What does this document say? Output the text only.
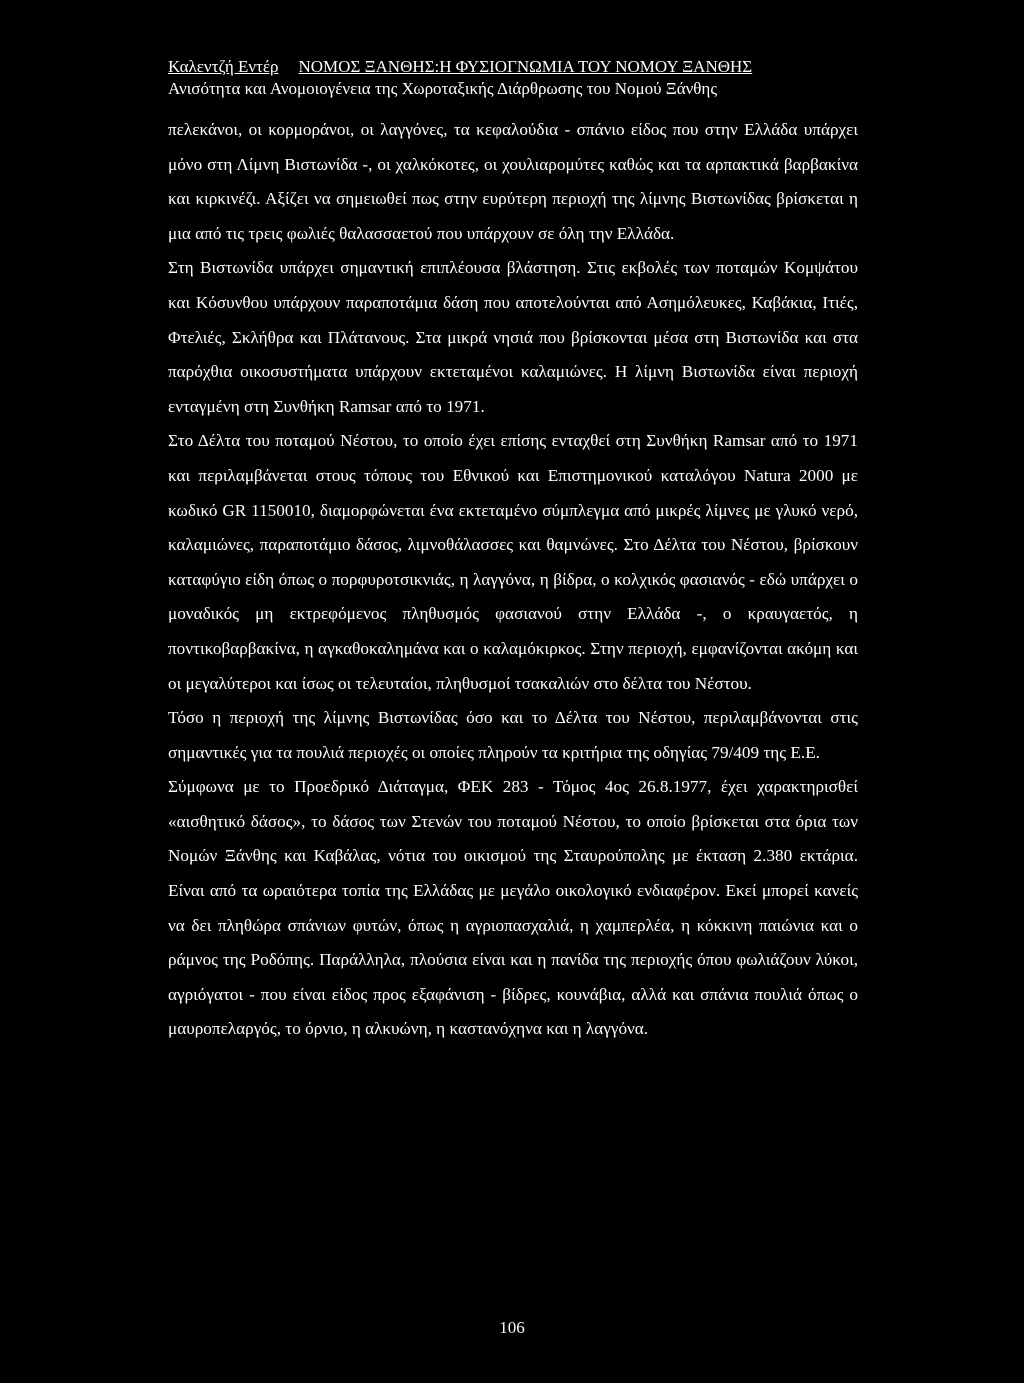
Καλεντζή Εντέρ ΝΟΜΟΣ ΞΑΝΘΗΣ:Η ΦΥΣΙΟΓΝΩΜΙΑ ΤΟΥ ΝΟΜΟΥ ΞΑΝΘΗΣ
Ανισότητα και Ανομοιογένεια της Χωροταξικής Διάρθρωσης του Νομού Ξάνθης

πελεκάνοι, οι κορμοράνοι, οι λαγγόνες, τα κεφαλούδια - σπάνιο είδος που στην Ελλάδα υπάρχει μόνο στη Λίμνη Βιστωνίδα -, οι χαλκόκοτες, οι χουλιαρομύτες καθώς και τα αρπακτικά βαρβακίνα και κιρκινέζι. Αξίζει να σημειωθεί πως στην ευρύτερη περιοχή της λίμνης Βιστωνίδας βρίσκεται η μια από τις τρεις φωλιές θαλασσαετού που υπάρχουν σε όλη την Ελλάδα.

Στη Βιστωνίδα υπάρχει σημαντική επιπλέουσα βλάστηση. Στις εκβολές των ποταμών Κομψάτου και Κόσυνθου υπάρχουν παραποτάμια δάση που αποτελούνται από Ασημόλευκες, Καβάκια, Ιτιές, Φτελιές, Σκλήθρα και Πλάτανους. Στα μικρά νησιά που βρίσκονται μέσα στη Βιστωνίδα και στα παρόχθια οικοσυστήματα υπάρχουν εκτεταμένοι καλαμιώνες. Η λίμνη Βιστωνίδα είναι περιοχή ενταγμένη στη Συνθήκη Ramsar από το 1971.

Στο Δέλτα του ποταμού Νέστου, το οποίο έχει επίσης ενταχθεί στη Συνθήκη Ramsar από το 1971 και περιλαμβάνεται στους τόπους του Εθνικού και Επιστημονικού καταλόγου Natura 2000 με κωδικό GR 1150010, διαμορφώνεται ένα εκτεταμένο σύμπλεγμα από μικρές λίμνες με γλυκό νερό, καλαμιώνες, παραποτάμιο δάσος, λιμνοθάλασσες και θαμνώνες. Στο Δέλτα του Νέστου, βρίσκουν καταφύγιο είδη όπως ο πορφυροτσικνιάς, η λαγγόνα, η βίδρα, ο κολχικός φασιανός - εδώ υπάρχει ο μοναδικός μη εκτρεφόμενος πληθυσμός φασιανού στην Ελλάδα -, ο κραυγαετός, η ποντικοβαρβακίνα, η αγκαθοκαλημάνα και ο καλαμόκιρκος. Στην περιοχή, εμφανίζονται ακόμη και οι μεγαλύτεροι και ίσως οι τελευταίοι, πληθυσμοί τσακαλιών στο δέλτα του Νέστου.

Τόσο η περιοχή της λίμνης Βιστωνίδας όσο και το Δέλτα του Νέστου, περιλαμβάνονται στις σημαντικές για τα πουλιά περιοχές οι οποίες πληρούν τα κριτήρια της οδηγίας 79/409 της Ε.Ε.

Σύμφωνα με το Προεδρικό Διάταγμα, ΦΕΚ 283 - Τόμος 4ος 26.8.1977, έχει χαρακτηρισθεί «αισθητικό δάσος», το δάσος των Στενών του ποταμού Νέστου, το οποίο βρίσκεται στα όρια των Νομών Ξάνθης και Καβάλας, νότια του οικισμού της Σταυρούπολης με έκταση 2.380 εκτάρια. Είναι από τα ωραιότερα τοπία της Ελλάδας με μεγάλο οικολογικό ενδιαφέρον. Εκεί μπορεί κανείς να δει πληθώρα σπάνιων φυτών, όπως η αγριοπασχαλιά, η χαμπερλέα, η κόκκινη παιώνια και ο ράμνος της Ροδόπης. Παράλληλα, πλούσια είναι και η πανίδα της περιοχής όπου φωλιάζουν λύκοι, αγριόγατοι - που είναι είδος προς εξαφάνιση - βίδρες, κουνάβια, αλλά και σπάνια πουλιά όπως ο μαυροπελαργός, το όρνιο, η αλκυώνη, η καστανόχηνα και η λαγγόνα.

106
